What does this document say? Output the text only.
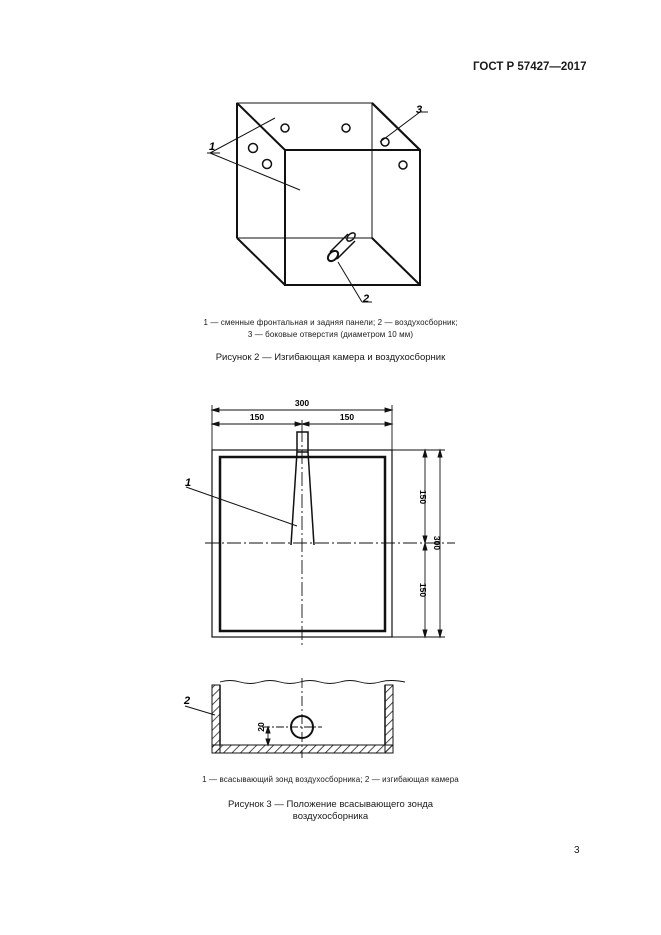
ГОСТ Р 57427—2017
1
3
2
1 — сменные фронтальная и задняя панели; 2 — воздухосборник;
3 — боковые отверстия (диаметром 10 мм)
Рисунок 2 — Изгибающая камера и воздухосборник
300
150	150
150
150
300
1
20
2
1 — всасывающий зонд воздухосборника; 2 — изгибающая камера
Рисунок 3 — Положение всасывающего зонда
воздухосборника
3
